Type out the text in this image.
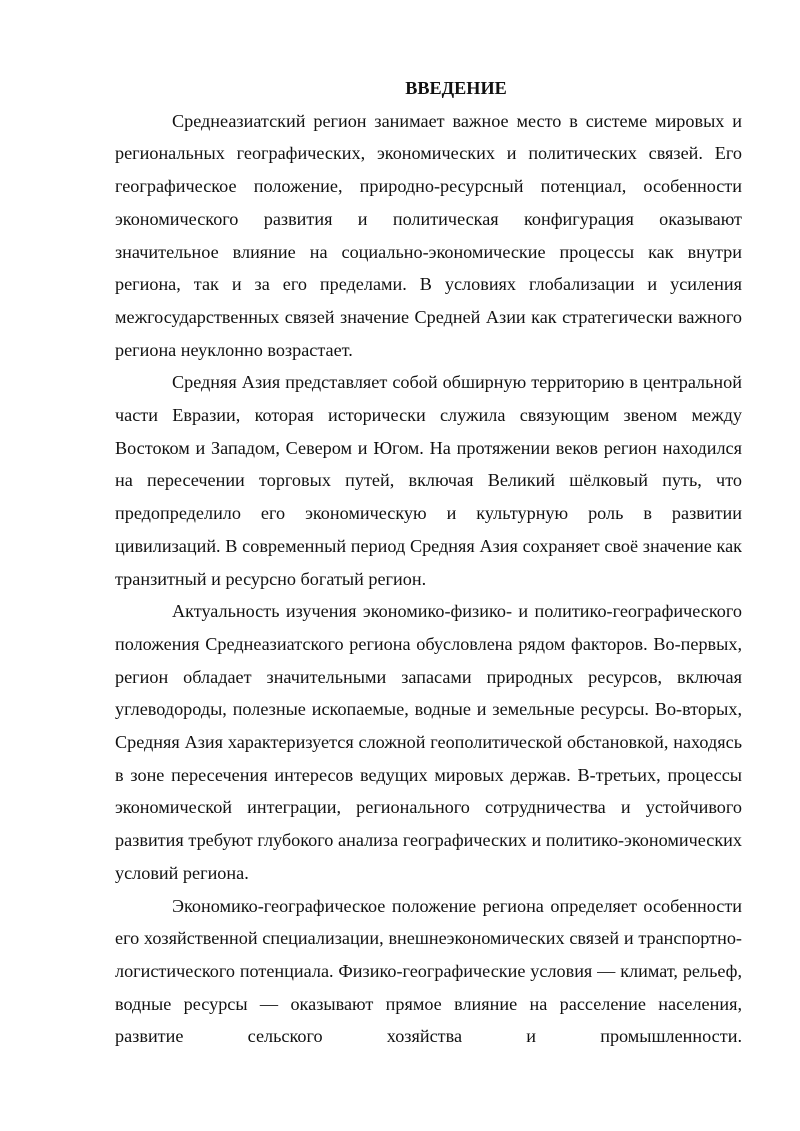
ВВЕДЕНИЕ

Среднеазиатский регион занимает важное место в системе мировых и региональных географических, экономических и политических связей. Его географическое положение, природно-ресурсный потенциал, особенности экономического развития и политическая конфигурация оказывают значительное влияние на социально-экономические процессы как внутри региона, так и за его пределами. В условиях глобализации и усиления межгосударственных связей значение Средней Азии как стратегически важного региона неуклонно возрастает.

Средняя Азия представляет собой обширную территорию в центральной части Евразии, которая исторически служила связующим звеном между Востоком и Западом, Севером и Югом. На протяжении веков регион находился на пересечении торговых путей, включая Великий шёлковый путь, что предопределило его экономическую и культурную роль в развитии цивилизаций. В современный период Средняя Азия сохраняет своё значение как транзитный и ресурсно богатый регион.

Актуальность изучения экономико-физико- и политико-географического положения Среднеазиатского региона обусловлена рядом факторов. Во-первых, регион обладает значительными запасами природных ресурсов, включая углеводороды, полезные ископаемые, водные и земельные ресурсы. Во-вторых, Средняя Азия характеризуется сложной геополитической обстановкой, находясь в зоне пересечения интересов ведущих мировых держав. В-третьих, процессы экономической интеграции, регионального сотрудничества и устойчивого развития требуют глубокого анализа географических и политико-экономических условий региона.

Экономико-географическое положение региона определяет особенности его хозяйственной специализации, внешнеэкономических связей и транспортно-логистического потенциала. Физико-географические условия — климат, рельеф, водные ресурсы — оказывают прямое влияние на расселение населения, развитие сельского хозяйства и промышленности.
